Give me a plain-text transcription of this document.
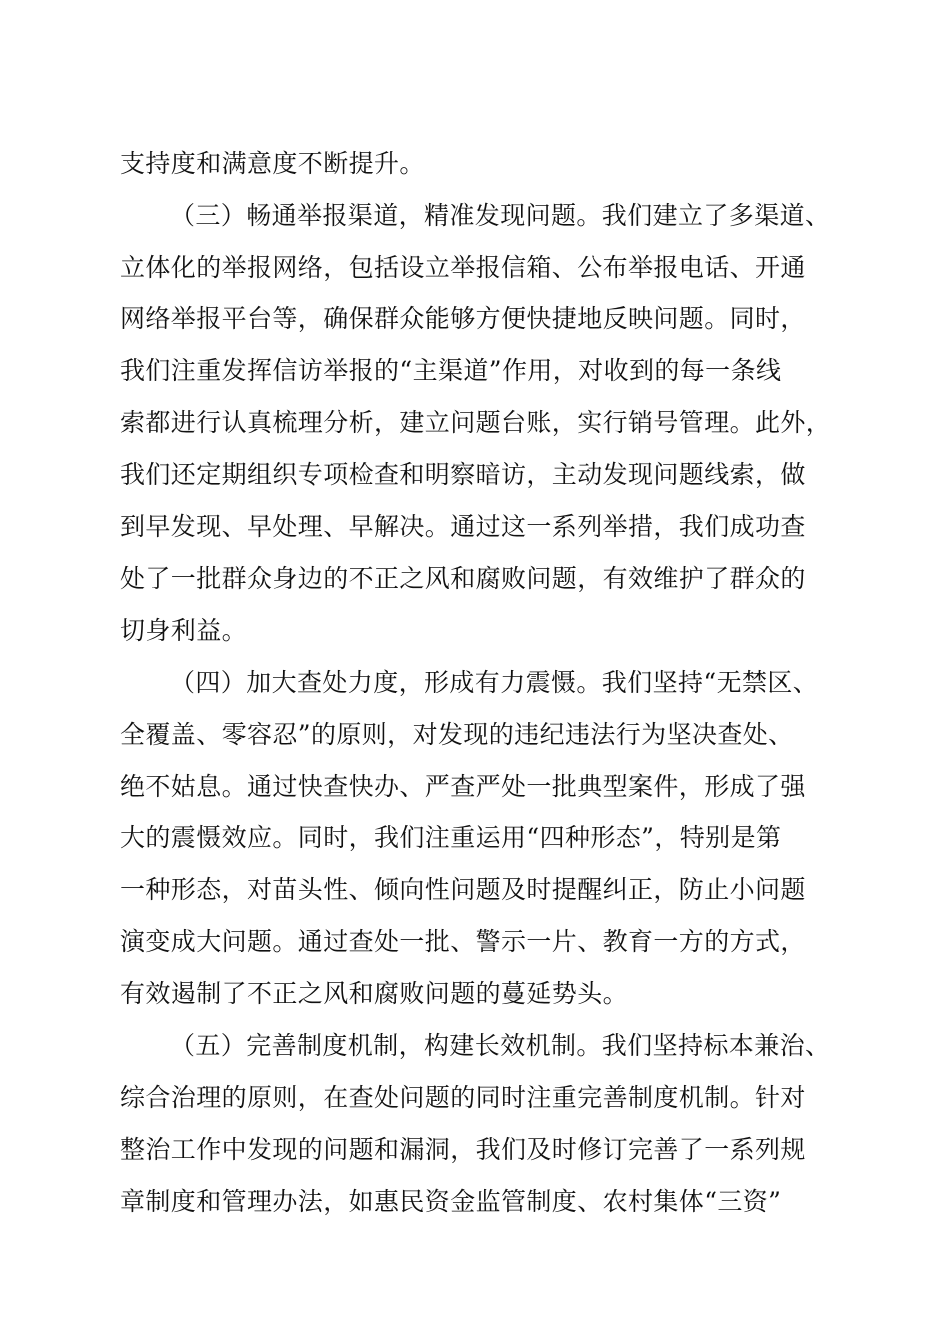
支持度和满意度不断提升。
（三）畅通举报渠道，精准发现问题。我们建立了多渠道、
立体化的举报网络，包括设立举报信箱、公布举报电话、开通
网络举报平台等，确保群众能够方便快捷地反映问题。同时，
我们注重发挥信访举报的“主渠道”作用，对收到的每一条线
索都进行认真梳理分析，建立问题台账，实行销号管理。此外，
我们还定期组织专项检查和明察暗访，主动发现问题线索，做
到早发现、早处理、早解决。通过这一系列举措，我们成功查
处了一批群众身边的不正之风和腐败问题，有效维护了群众的
切身利益。
（四）加大查处力度，形成有力震慑。我们坚持“无禁区、
全覆盖、零容忍”的原则，对发现的违纪违法行为坚决查处、
绝不姑息。通过快查快办、严查严处一批典型案件，形成了强
大的震慑效应。同时，我们注重运用“四种形态”，特别是第
一种形态，对苗头性、倾向性问题及时提醒纠正，防止小问题
演变成大问题。通过查处一批、警示一片、教育一方的方式，
有效遏制了不正之风和腐败问题的蔓延势头。
（五）完善制度机制，构建长效机制。我们坚持标本兼治、
综合治理的原则，在查处问题的同时注重完善制度机制。针对
整治工作中发现的问题和漏洞，我们及时修订完善了一系列规
章制度和管理办法，如惠民资金监管制度、农村集体“三资”
